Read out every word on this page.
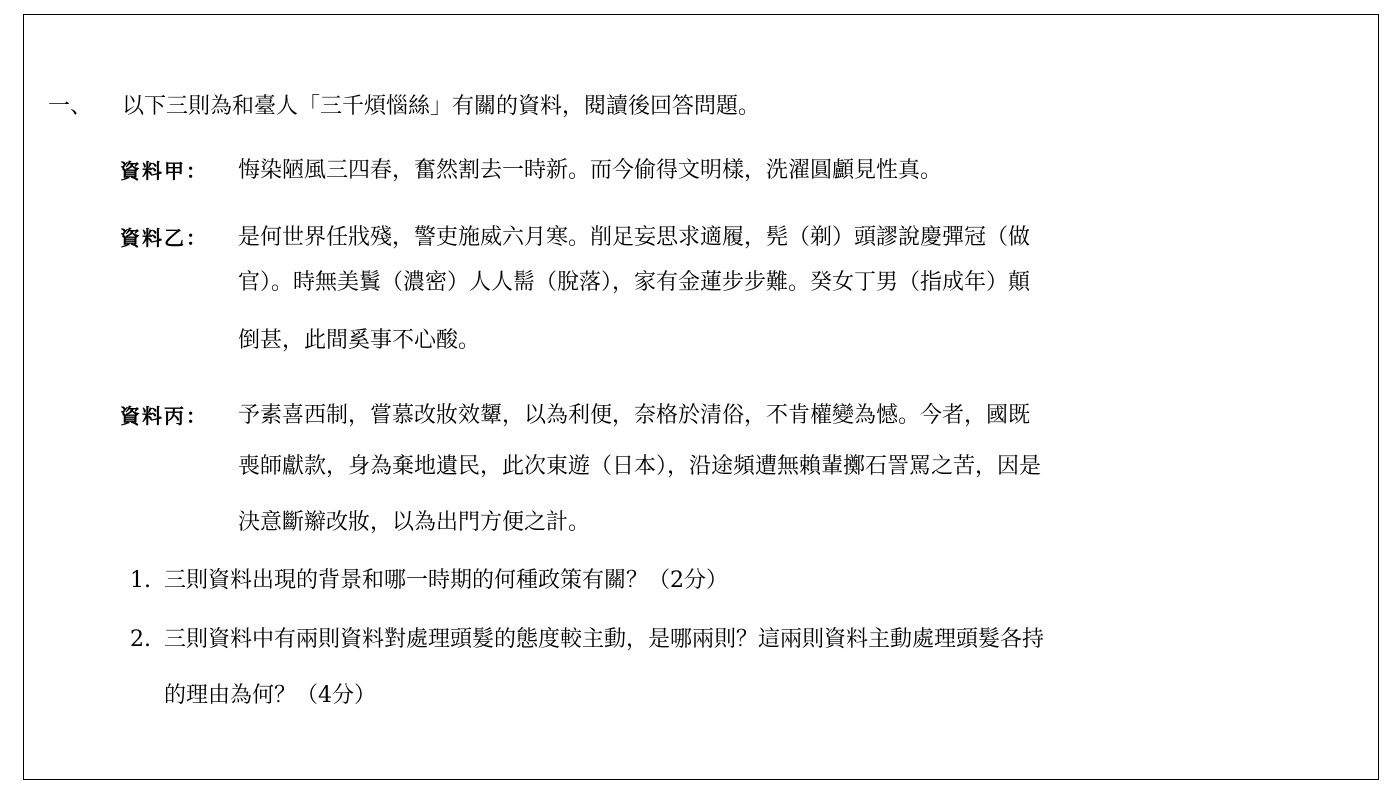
一、 以下三則為和臺人「三千煩惱絲」有關的資料，閱讀後回答問題。
資料甲： 悔染陋風三四春，奮然割去一時新。而今偷得文明樣，洗濯圓顱見性真。
資料乙： 是何世界任戕殘，警吏施威六月寒。削足妄思求適履，髡（剃）頭謬說慶彈冠（做
官）。時無美鬒（濃密）人人髵（脫落），家有金蓮步步難。癸女丁男（指成年）顛
倒甚，此間奚事不心酸。
資料丙： 予素喜西制，嘗慕改妝效顰，以為利便，奈格於清俗，不肯權變為憾。今者，國既
喪師獻款，身為棄地遺民，此次東遊（日本），沿途頻遭無賴輩擲石詈罵之苦，因是
決意斷辮改妝，以為出門方便之計。
1. 三則資料出現的背景和哪一時期的何種政策有關？（2分）
2. 三則資料中有兩則資料對處理頭髮的態度較主動，是哪兩則？這兩則資料主動處理頭髮各持
的理由為何？（4分）
